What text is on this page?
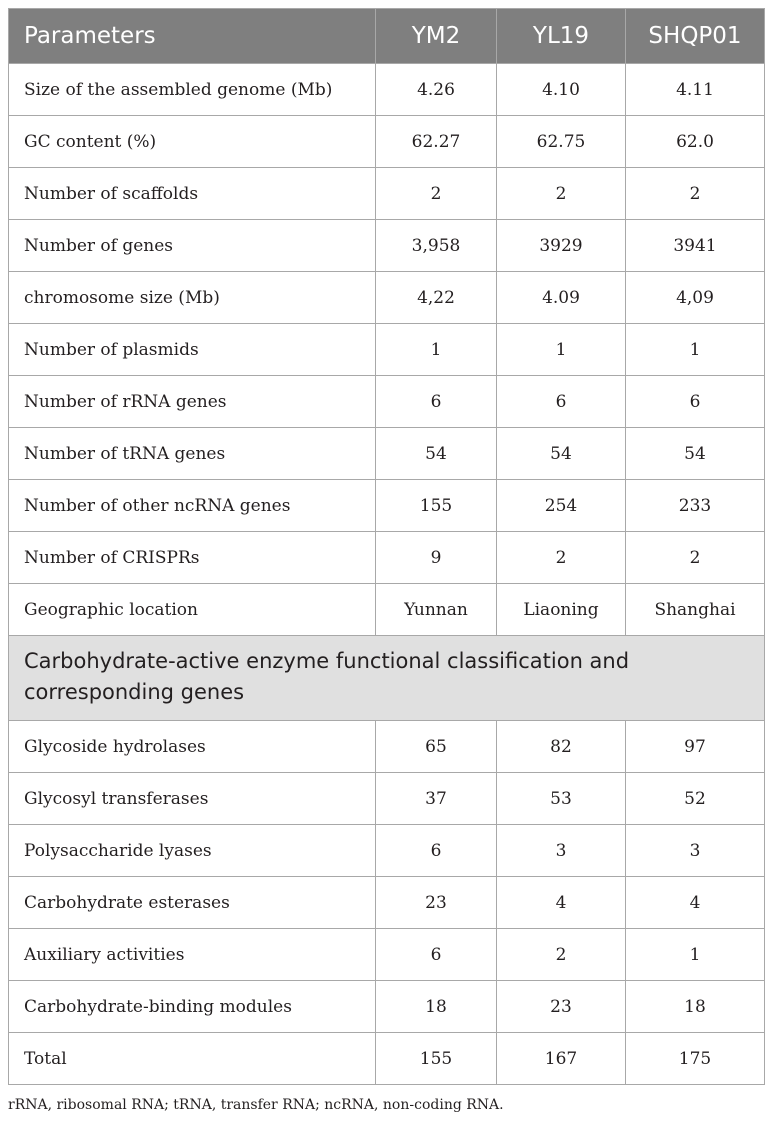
Parameters	YM2	YL19	SHQP01
Size of the assembled genome (Mb)	4.26	4.10	4.11
GC content (%)	62.27	62.75	62.0
Number of scaffolds	2	2	2
Number of genes	3,958	3929	3941
chromosome size (Mb)	4,22	4.09	4,09
Number of plasmids	1	1	1
Number of rRNA genes	6	6	6
Number of tRNA genes	54	54	54
Number of other ncRNA genes	155	254	233
Number of CRISPRs	9	2	2
Geographic location	Yunnan	Liaoning	Shanghai
Carbohydrate-active enzyme functional classification and corresponding genes			
Glycoside hydrolases	65	82	97
Glycosyl transferases	37	53	52
Polysaccharide lyases	6	3	3
Carbohydrate esterases	23	4	4
Auxiliary activities	6	2	1
Carbohydrate-binding modules	18	23	18
Total	155	167	175
rRNA, ribosomal RNA; tRNA, transfer RNA; ncRNA, non-coding RNA.
